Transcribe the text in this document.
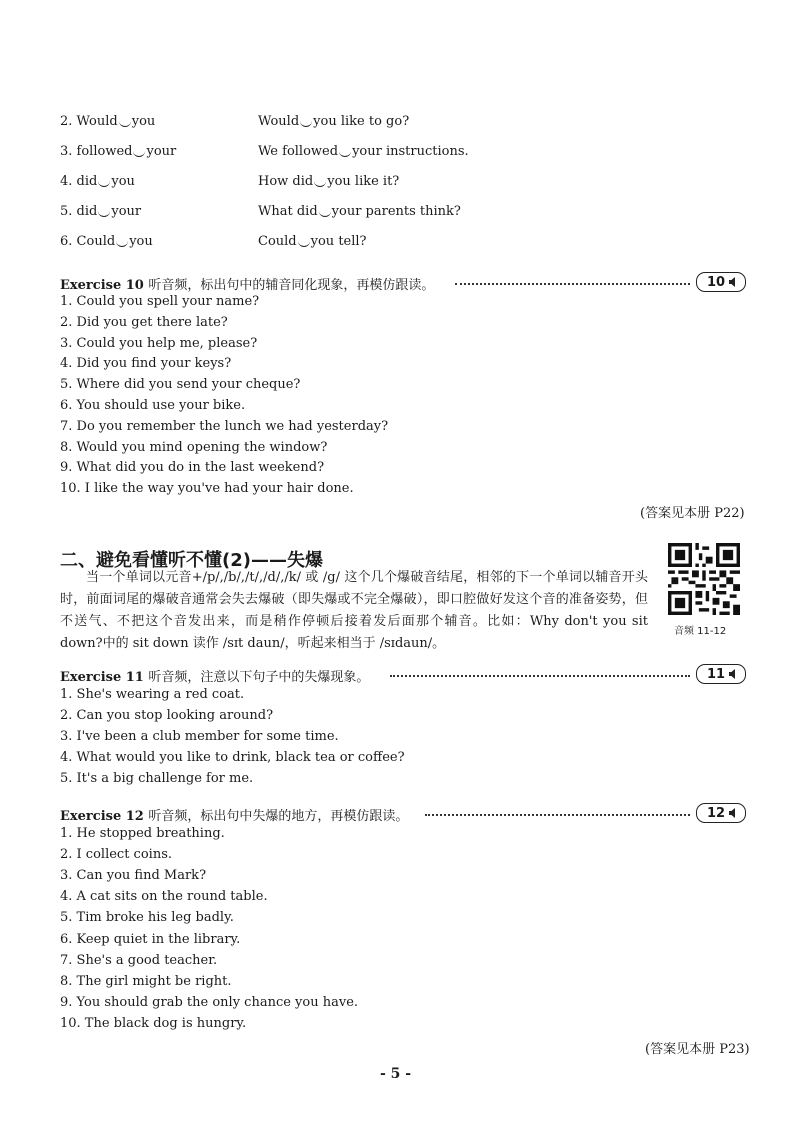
2. Would you	Would you like to go?
3. followed your	We followed your instructions.
4. did you	How did you like it?
5. did your	What did your parents think?
6. Could you	Could you tell?
Exercise 10 听音频，标出句中的辅音同化现象，再模仿跟读。	10
1. Could you spell your name?
2. Did you get there late?
3. Could you help me, please?
4. Did you find your keys?
5. Where did you send your cheque?
6. You should use your bike.
7. Do you remember the lunch we had yesterday?
8. Would you mind opening the window?
9. What did you do in the last weekend?
10. I like the way you've had your hair done.
(答案见本册 P22)
二、避免看懂听不懂(2)——失爆
当一个单词以元音+/p/,/b/,/t/,/d/,/k/ 或 /g/ 这个几个爆破音结尾，相邻的下一个单词以辅音开头时，前面词尾的爆破音通常会失去爆破（即失爆或不完全爆破），即口腔做好发这个音的准备姿势，但不送气、不把这个音发出来，而是稍作停顿后接着发后面那个辅音。比如：Why don't you sit down?中的 sit down 读作 /sɪt daun/，听起来相当于 /sɪdaun/。
音频 11-12
Exercise 11 听音频，注意以下句子中的失爆现象。	11
1. She's wearing a red coat.
2. Can you stop looking around?
3. I've been a club member for some time.
4. What would you like to drink, black tea or coffee?
5. It's a big challenge for me.
Exercise 12 听音频，标出句中失爆的地方，再模仿跟读。	12
1. He stopped breathing.
2. I collect coins.
3. Can you find Mark?
4. A cat sits on the round table.
5. Tim broke his leg badly.
6. Keep quiet in the library.
7. She's a good teacher.
8. The girl might be right.
9. You should grab the only chance you have.
10. The black dog is hungry.
(答案见本册 P23)
- 5 -
